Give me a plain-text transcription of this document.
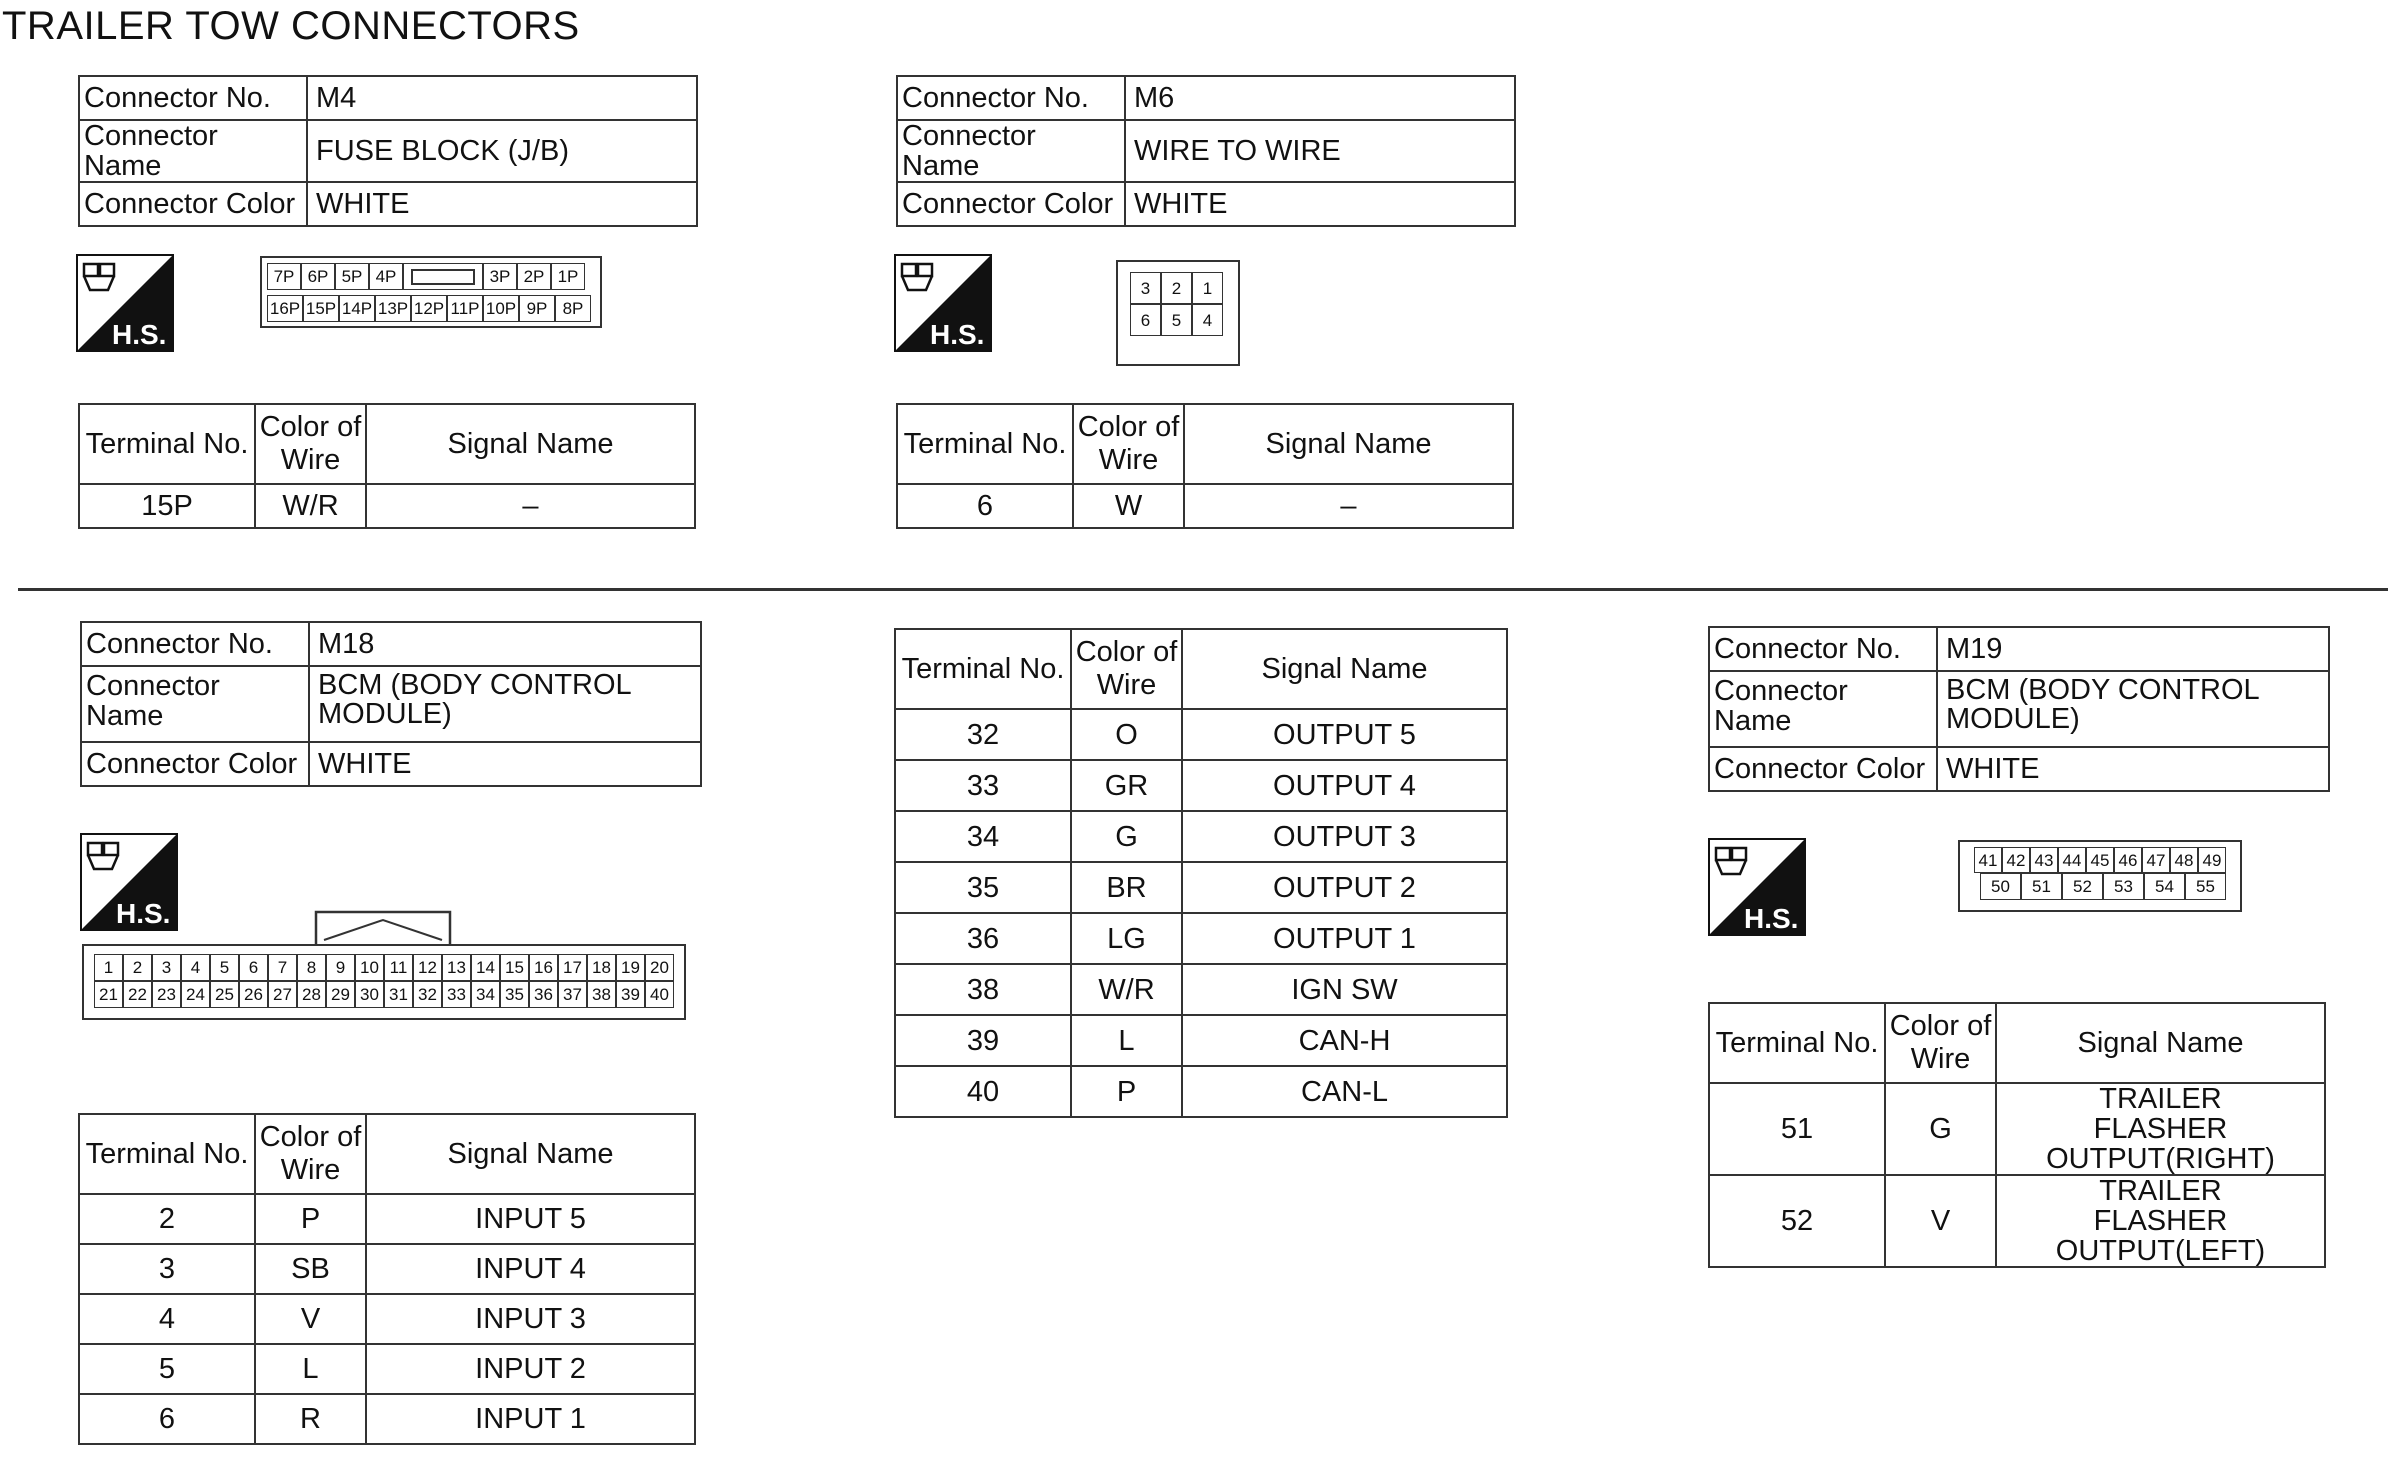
TRAILER TOW CONNECTORS
Connector No.	M4
Connector Name	FUSE BLOCK (J/B)
Connector Color	WHITE
H.S.
7P 6P 5P 4P	3P 2P 1P
16P 15P 14P 13P 12P 11P 10P 9P 8P
Terminal No.	Color of Wire	Signal Name
15P	W/R	–
Connector No.	M6
Connector Name	WIRE TO WIRE
Connector Color	WHITE
H.S.
3	2	1
6	5	4
Terminal No.	Color of Wire	Signal Name
6	W	–
Connector No.	M18
Connector Name	BCM (BODY CONTROL MODULE)
Connector Color	WHITE
H.S.
1	2	3	4	5	6	7	8	9 10 11 12 13 14 15 16 17 18 19 20
21 22 23 24 25 26 27 28 29 30 31 32 33 34 35 36 37 38 39 40
Terminal No.	Color of Wire	Signal Name
2	P	INPUT 5
3	SB	INPUT 4
4	V	INPUT 3
5	L	INPUT 2
6	R	INPUT 1
Terminal No.	Color of Wire	Signal Name
32	O	OUTPUT 5
33	GR	OUTPUT 4
34	G	OUTPUT 3
35	BR	OUTPUT 2
36	LG	OUTPUT 1
38	W/R	IGN SW
39	L	CAN-H
40	P	CAN-L
Connector No.	M19
Connector Name	BCM (BODY CONTROL MODULE)
Connector Color	WHITE
H.S.
41 42 43 44 45 46 47 48 49
50	51	52	53	54	55
Terminal No.	Color of Wire	Signal Name
51	G	TRAILER FLASHER OUTPUT(RIGHT)
52	V	TRAILER FLASHER OUTPUT(LEFT)
